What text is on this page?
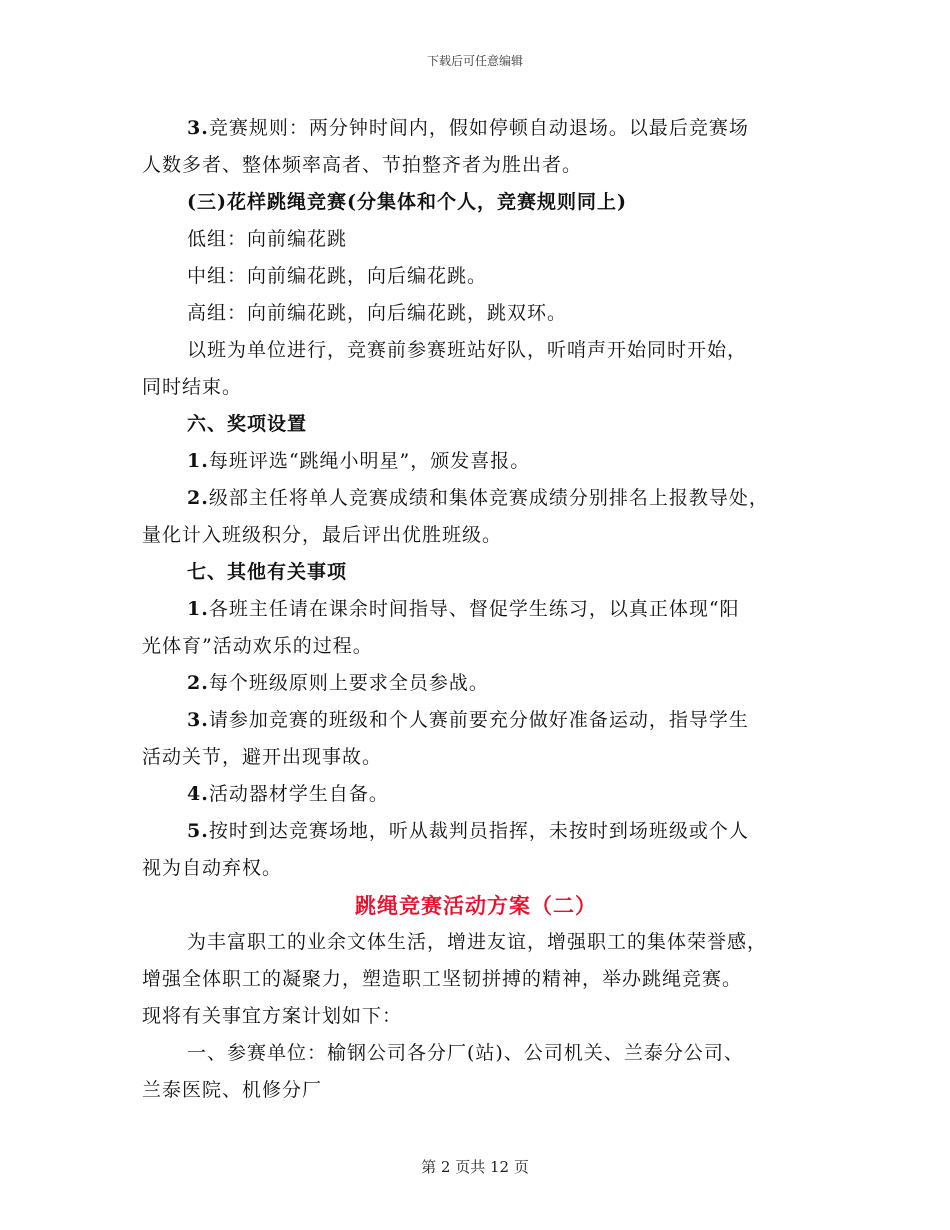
下载后可任意编辑

3.竞赛规则：两分钟时间内，假如停顿自动退场。以最后竞赛场

人数多者、整体频率高者、节拍整齐者为胜出者。

(三)花样跳绳竞赛(分集体和个人，竞赛规则同上)

低组：向前编花跳

中组：向前编花跳，向后编花跳。

高组：向前编花跳，向后编花跳，跳双环。

以班为单位进行，竞赛前参赛班站好队，听哨声开始同时开始，

同时结束。

六、奖项设置

1.每班评选“跳绳小明星”，颁发喜报。

2.级部主任将单人竞赛成绩和集体竞赛成绩分别排名上报教导处，

量化计入班级积分，最后评出优胜班级。

七、其他有关事项

1.各班主任请在课余时间指导、督促学生练习，以真正体现“阳

光体育”活动欢乐的过程。

2.每个班级原则上要求全员参战。

3.请参加竞赛的班级和个人赛前要充分做好准备运动，指导学生

活动关节，避开出现事故。

4.活动器材学生自备。

5.按时到达竞赛场地，听从裁判员指挥，未按时到场班级或个人

视为自动弃权。

跳绳竞赛活动方案（二）

为丰富职工的业余文体生活，增进友谊，增强职工的集体荣誉感，

增强全体职工的凝聚力，塑造职工坚韧拼搏的精神，举办跳绳竞赛。

现将有关事宜方案计划如下：

一、参赛单位：榆钢公司各分厂(站)、公司机关、兰泰分公司、

兰泰医院、机修分厂

第 2 页共 12 页
